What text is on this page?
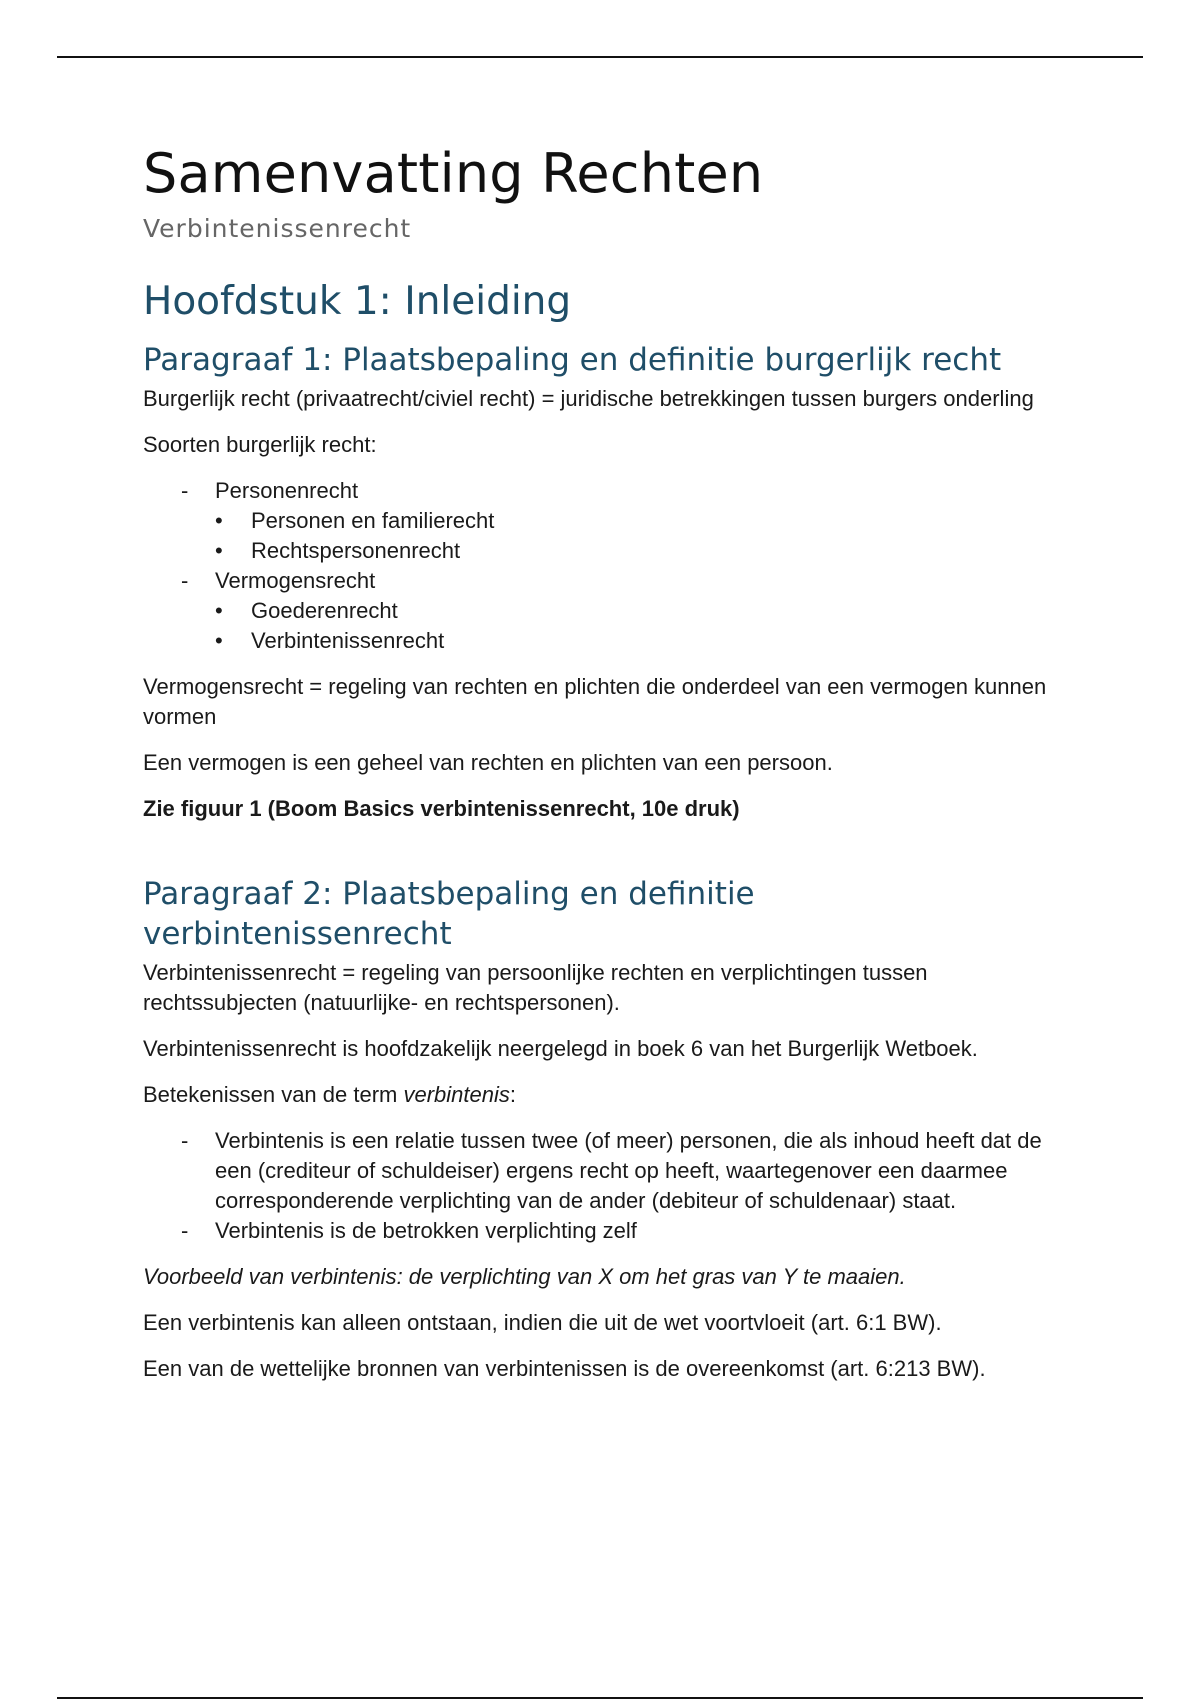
Samenvatting Rechten
Verbintenissenrecht
Hoofdstuk 1: Inleiding
Paragraaf 1: Plaatsbepaling en definitie burgerlijk recht

Burgerlijk recht (privaatrecht/civiel recht) = juridische betrekkingen tussen burgers onderling

Soorten burgerlijk recht:

- Personenrecht
• Personen en familierecht
• Rechtspersonenrecht
- Vermogensrecht
• Goederenrecht
• Verbintenissenrecht

Vermogensrecht = regeling van rechten en plichten die onderdeel van een vermogen kunnen vormen

Een vermogen is een geheel van rechten en plichten van een persoon.

Zie figuur 1 (Boom Basics verbintenissenrecht, 10e druk)

Paragraaf 2: Plaatsbepaling en definitie verbintenissenrecht

Verbintenissenrecht = regeling van persoonlijke rechten en verplichtingen tussen rechtssubjecten (natuurlijke- en rechtspersonen).

Verbintenissenrecht is hoofdzakelijk neergelegd in boek 6 van het Burgerlijk Wetboek.

Betekenissen van de term verbintenis:

- Verbintenis is een relatie tussen twee (of meer) personen, die als inhoud heeft dat de een (crediteur of schuldeiser) ergens recht op heeft, waartegenover een daarmee corresponderende verplichting van de ander (debiteur of schuldenaar) staat.
- Verbintenis is de betrokken verplichting zelf

Voorbeeld van verbintenis: de verplichting van X om het gras van Y te maaien.

Een verbintenis kan alleen ontstaan, indien die uit de wet voortvloeit (art. 6:1 BW).

Een van de wettelijke bronnen van verbintenissen is de overeenkomst (art. 6:213 BW).
